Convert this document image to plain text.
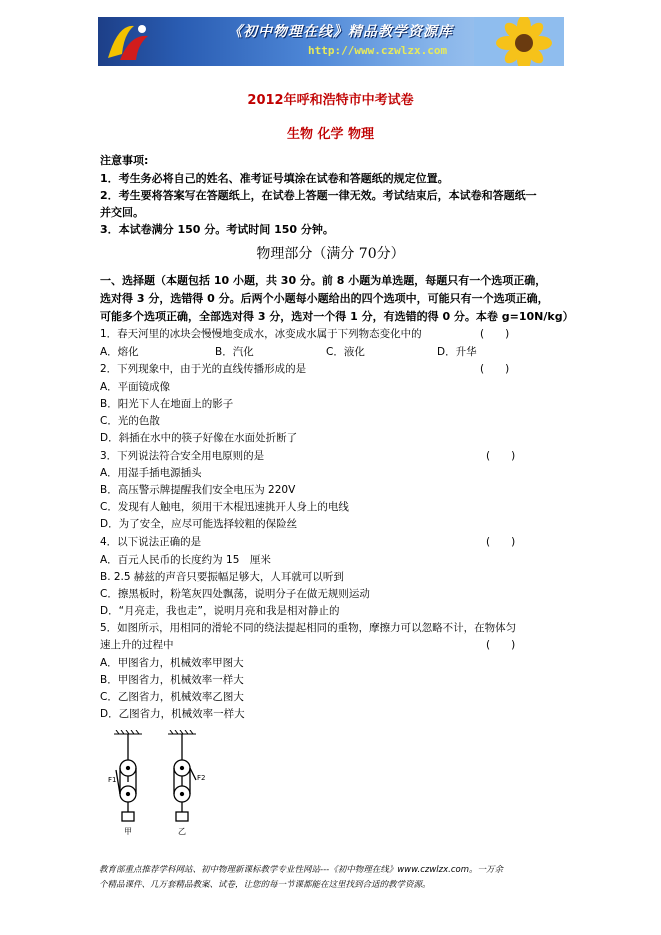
《初中物理在线》精品教学资源库
http://www.czwlzx.com
2012年呼和浩特市中考试卷
生物 化学 物理
注意事项:
1．考生务必将自己的姓名、准考证号填涂在试卷和答题纸的规定位置。
2．考生要将答案写在答题纸上，在试卷上答题一律无效。考试结束后，本试卷和答题纸一
并交回。
3．本试卷满分 150 分。考试时间 150 分钟。
物理部分（满分 70分）
一、选择题（本题包括 10 小题，共 30 分。前 8 小题为单选题，每题只有一个选项正确，
选对得 3 分，选错得 0 分。后两个小题每小题给出的四个选项中，可能只有一个选项正确，
可能多个选项正确，全部选对得 3 分，选对一个得 1 分，有选错的得 0 分。本卷 g=10N/kg）
1．春天河里的冰块会慢慢地变成水，冰变成水属于下列物态变化中的	(　　)
A．熔化	B．汽化	C．液化	D．升华
2．下列现象中，由于光的直线传播形成的是	(　　)
A．平面镜成像
B．阳光下人在地面上的影子
C．光的色散
D．斜插在水中的筷子好像在水面处折断了
3．下列说法符合安全用电原则的是	(　　)
A．用湿手插电源插头
B．高压警示牌提醒我们安全电压为 220V
C．发现有人触电，须用干木棍迅速挑开人身上的电线
D．为了安全，应尽可能选择较粗的保险丝
4．以下说法正确的是	(　　)
A．百元人民币的长度约为 15　厘米
B. 2.5 赫兹的声音只要振幅足够大，人耳就可以听到
C．擦黑板时，粉笔灰四处飘荡，说明分子在做无规则运动
D．“月亮走，我也走”，说明月亮和我是相对静止的
5．如图所示，用相同的滑轮不同的绕法提起相同的重物，摩擦力可以忽略不计，在物体匀
速上升的过程中	(　　)
A．甲图省力，机械效率甲图大
B．甲图省力，机械效率一样大
C．乙图省力，机械效率乙图大
D．乙图省力，机械效率一样大
F1
甲
F2
乙
教育部重点推荐学科网站、初中物理新课标教学专业性网站---《初中物理在线》www.czwlzx.com。一万余
个精品课件、几万套精品教案、试卷，让您的每一节课都能在这里找到合适的教学资源。
